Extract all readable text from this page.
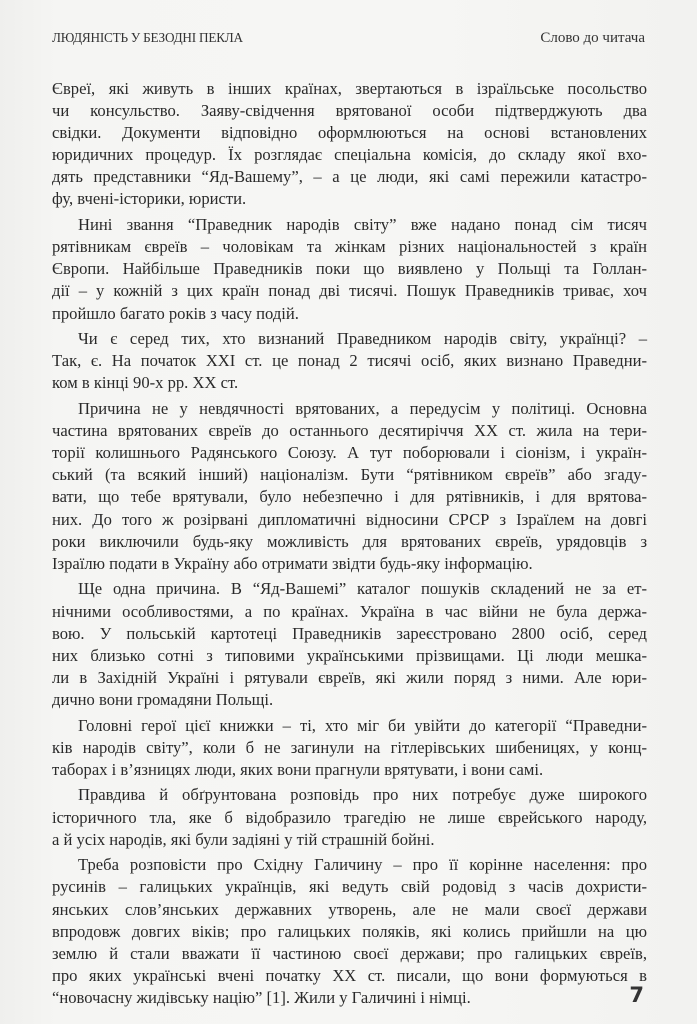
ЛЮДЯНІСТЬ У БЕЗОДНІ ПЕКЛА	Слово до читача
Євреї, які живуть в інших країнах, звертаються в ізраїльське посольство
чи консульство. Заяву-свідчення врятованої особи підтверджують два
свідки. Документи відповідно оформлюються на основі встановлених
юридичних процедур. Їх розглядає спеціальна комісія, до складу якої вхо-
дять представники “Яд-Вашему”, – а це люди, які самі пережили катастро-
фу, вчені-історики, юристи.
Нині звання “Праведник народів світу” вже надано понад сім тисяч
рятівникам євреїв – чоловікам та жінкам різних національностей з країн
Європи. Найбільше Праведників поки що виявлено у Польщі та Голлан-
дії – у кожній з цих країн понад дві тисячі. Пошук Праведників триває, хоч
пройшло багато років з часу подій.
Чи є серед тих, хто визнаний Праведником народів світу, українці? –
Так, є. На початок XXI ст. це понад 2 тисячі осіб, яких визнано Праведни-
ком в кінці 90-х рр. XX ст.
Причина не у невдячності врятованих, а передусім у політиці. Основна
частина врятованих євреїв до останнього десятиріччя XX ст. жила на тери-
торії колишнього Радянського Союзу. А тут поборювали і сіонізм, і україн-
ський (та всякий інший) націоналізм. Бути “рятівником євреїв” або згаду-
вати, що тебе врятували, було небезпечно і для рятівників, і для врятова-
них. До того ж розірвані дипломатичні відносини СРСР з Ізраїлем на довгі
роки виключили будь-яку можливість для врятованих євреїв, урядовців з
Ізраїлю подати в Україну або отримати звідти будь-яку інформацію.
Ще одна причина. В “Яд-Вашемі” каталог пошуків складений не за ет-
нічними особливостями, а по країнах. Україна в час війни не була держа-
вою. У польській картотеці Праведників зареєстровано 2800 осіб, серед
них близько сотні з типовими українськими прізвищами. Ці люди мешка-
ли в Західній Україні і рятували євреїв, які жили поряд з ними. Але юри-
дично вони громадяни Польщі.
Головні герої цієї книжки – ті, хто міг би увійти до категорії “Праведни-
ків народів світу”, коли б не загинули на гітлерівських шибеницях, у конц-
таборах і в’язницях люди, яких вони прагнули врятувати, і вони самі.
Правдива й обґрунтована розповідь про них потребує дуже широкого
історичного тла, яке б відобразило трагедію не лише єврейського народу,
а й усіх народів, які були задіяні у тій страшній бойні.
Треба розповісти про Східну Галичину – про її корінне населення: про
русинів – галицьких українців, які ведуть свій родовід з часів дохристи-
янських слов’янських державних утворень, але не мали своєї держави
впродовж довгих віків; про галицьких поляків, які колись прийшли на цю
землю й стали вважати її частиною своєї держави; про галицьких євреїв,
про яких українські вчені початку XX ст. писали, що вони формуються в
“новочасну жидівську націю” [1]. Жили у Галичині і німці.	7
